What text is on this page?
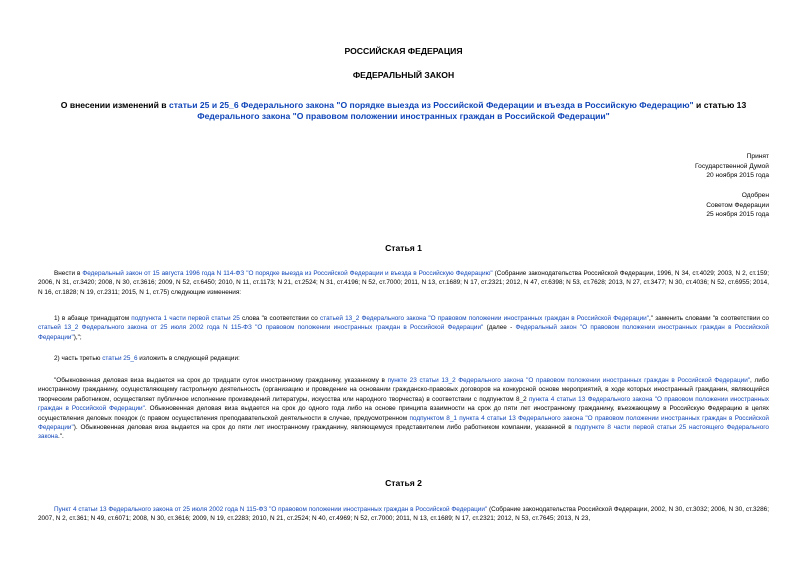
РОССИЙСКАЯ ФЕДЕРАЦИЯ
ФЕДЕРАЛЬНЫЙ ЗАКОН
О внесении изменений в статьи 25 и 25_6 Федерального закона "О порядке выезда из Российской Федерации и въезда в Российскую Федерацию" и статью 13 Федерального закона "О правовом положении иностранных граждан в Российской Федерации"
Принят
Государственной Думой
20 ноября 2015 года
Одобрен
Советом Федерации
25 ноября 2015 года
Статья 1
Внести в Федеральный закон от 15 августа 1996 года N 114-ФЗ "О порядке выезда из Российской Федерации и въезда в Российскую Федерацию" (Собрание законодательства Российской Федерации, 1996, N 34, ст.4029; 2003, N 2, ст.159; 2006, N 31, ст.3420; 2008, N 30, ст.3616; 2009, N 52, ст.6450; 2010, N 11, ст.1173; N 21, ст.2524; N 31, ст.4196; N 52, ст.7000; 2011, N 13, ст.1689; N 17, ст.2321; 2012, N 47, ст.6398; N 53, ст.7628; 2013, N 27, ст.3477; N 30, ст.4036; N 52, ст.6955; 2014, N 16, ст.1828; N 19, ст.2311; 2015, N 1, ст.75) следующие изменения:
1) в абзаце тринадцатом подпункта 1 части первой статьи 25 слова "в соответствии со статьей 13_2 Федерального закона "О правовом положении иностранных граждан в Российской Федерации"," заменить словами "в соответствии со статьей 13_2 Федерального закона от 25 июля 2002 года N 115-ФЗ "О правовом положении иностранных граждан в Российской Федерации" (далее - Федеральный закон "О правовом положении иностранных граждан в Российской Федерации"),";
2) часть третью статьи 25_6 изложить в следующей редакции:
"Обыкновенная деловая виза выдается на срок до тридцати суток иностранному гражданину, указанному в пункте 23 статьи 13_2 Федерального закона "О правовом положении иностранных граждан в Российской Федерации", либо иностранному гражданину, осуществляющему гастрольную деятельность (организацию и проведение на основании гражданско-правовых договоров на конкурсной основе мероприятий, в ходе которых иностранный гражданин, являющийся творческим работником, осуществляет публичное исполнение произведений литературы, искусства или народного творчества) в соответствии с подпунктом 8_2 пункта 4 статьи 13 Федерального закона "О правовом положении иностранных граждан в Российской Федерации". Обыкновенная деловая виза выдается на срок до одного года либо на основе принципа взаимности на срок до пяти лет иностранному гражданину, въезжающему в Российскую Федерацию в целях осуществления деловых поездок (с правом осуществления преподавательской деятельности в случае, предусмотренном подпунктом 8_1 пункта 4 статьи 13 Федерального закона "О правовом положении иностранных граждан в Российской Федерации"). Обыкновенная деловая виза выдается на срок до пяти лет иностранному гражданину, являющемуся представителем либо работником компании, указанной в подпункте 8 части первой статьи 25 настоящего Федерального закона.".
Статья 2
Пункт 4 статьи 13 Федерального закона от 25 июля 2002 года N 115-ФЗ "О правовом положении иностранных граждан в Российской Федерации" (Собрание законодательства Российской Федерации, 2002, N 30, ст.3032; 2006, N 30, ст.3286; 2007, N 2, ст.361; N 49, ст.6071; 2008, N 30, ст.3616; 2009, N 19, ст.2283; 2010, N 21, ст.2524; N 40, ст.4969; N 52, ст.7000; 2011, N 13, ст.1689; N 17, ст.2321; 2012, N 53, ст.7645; 2013, N 23,
